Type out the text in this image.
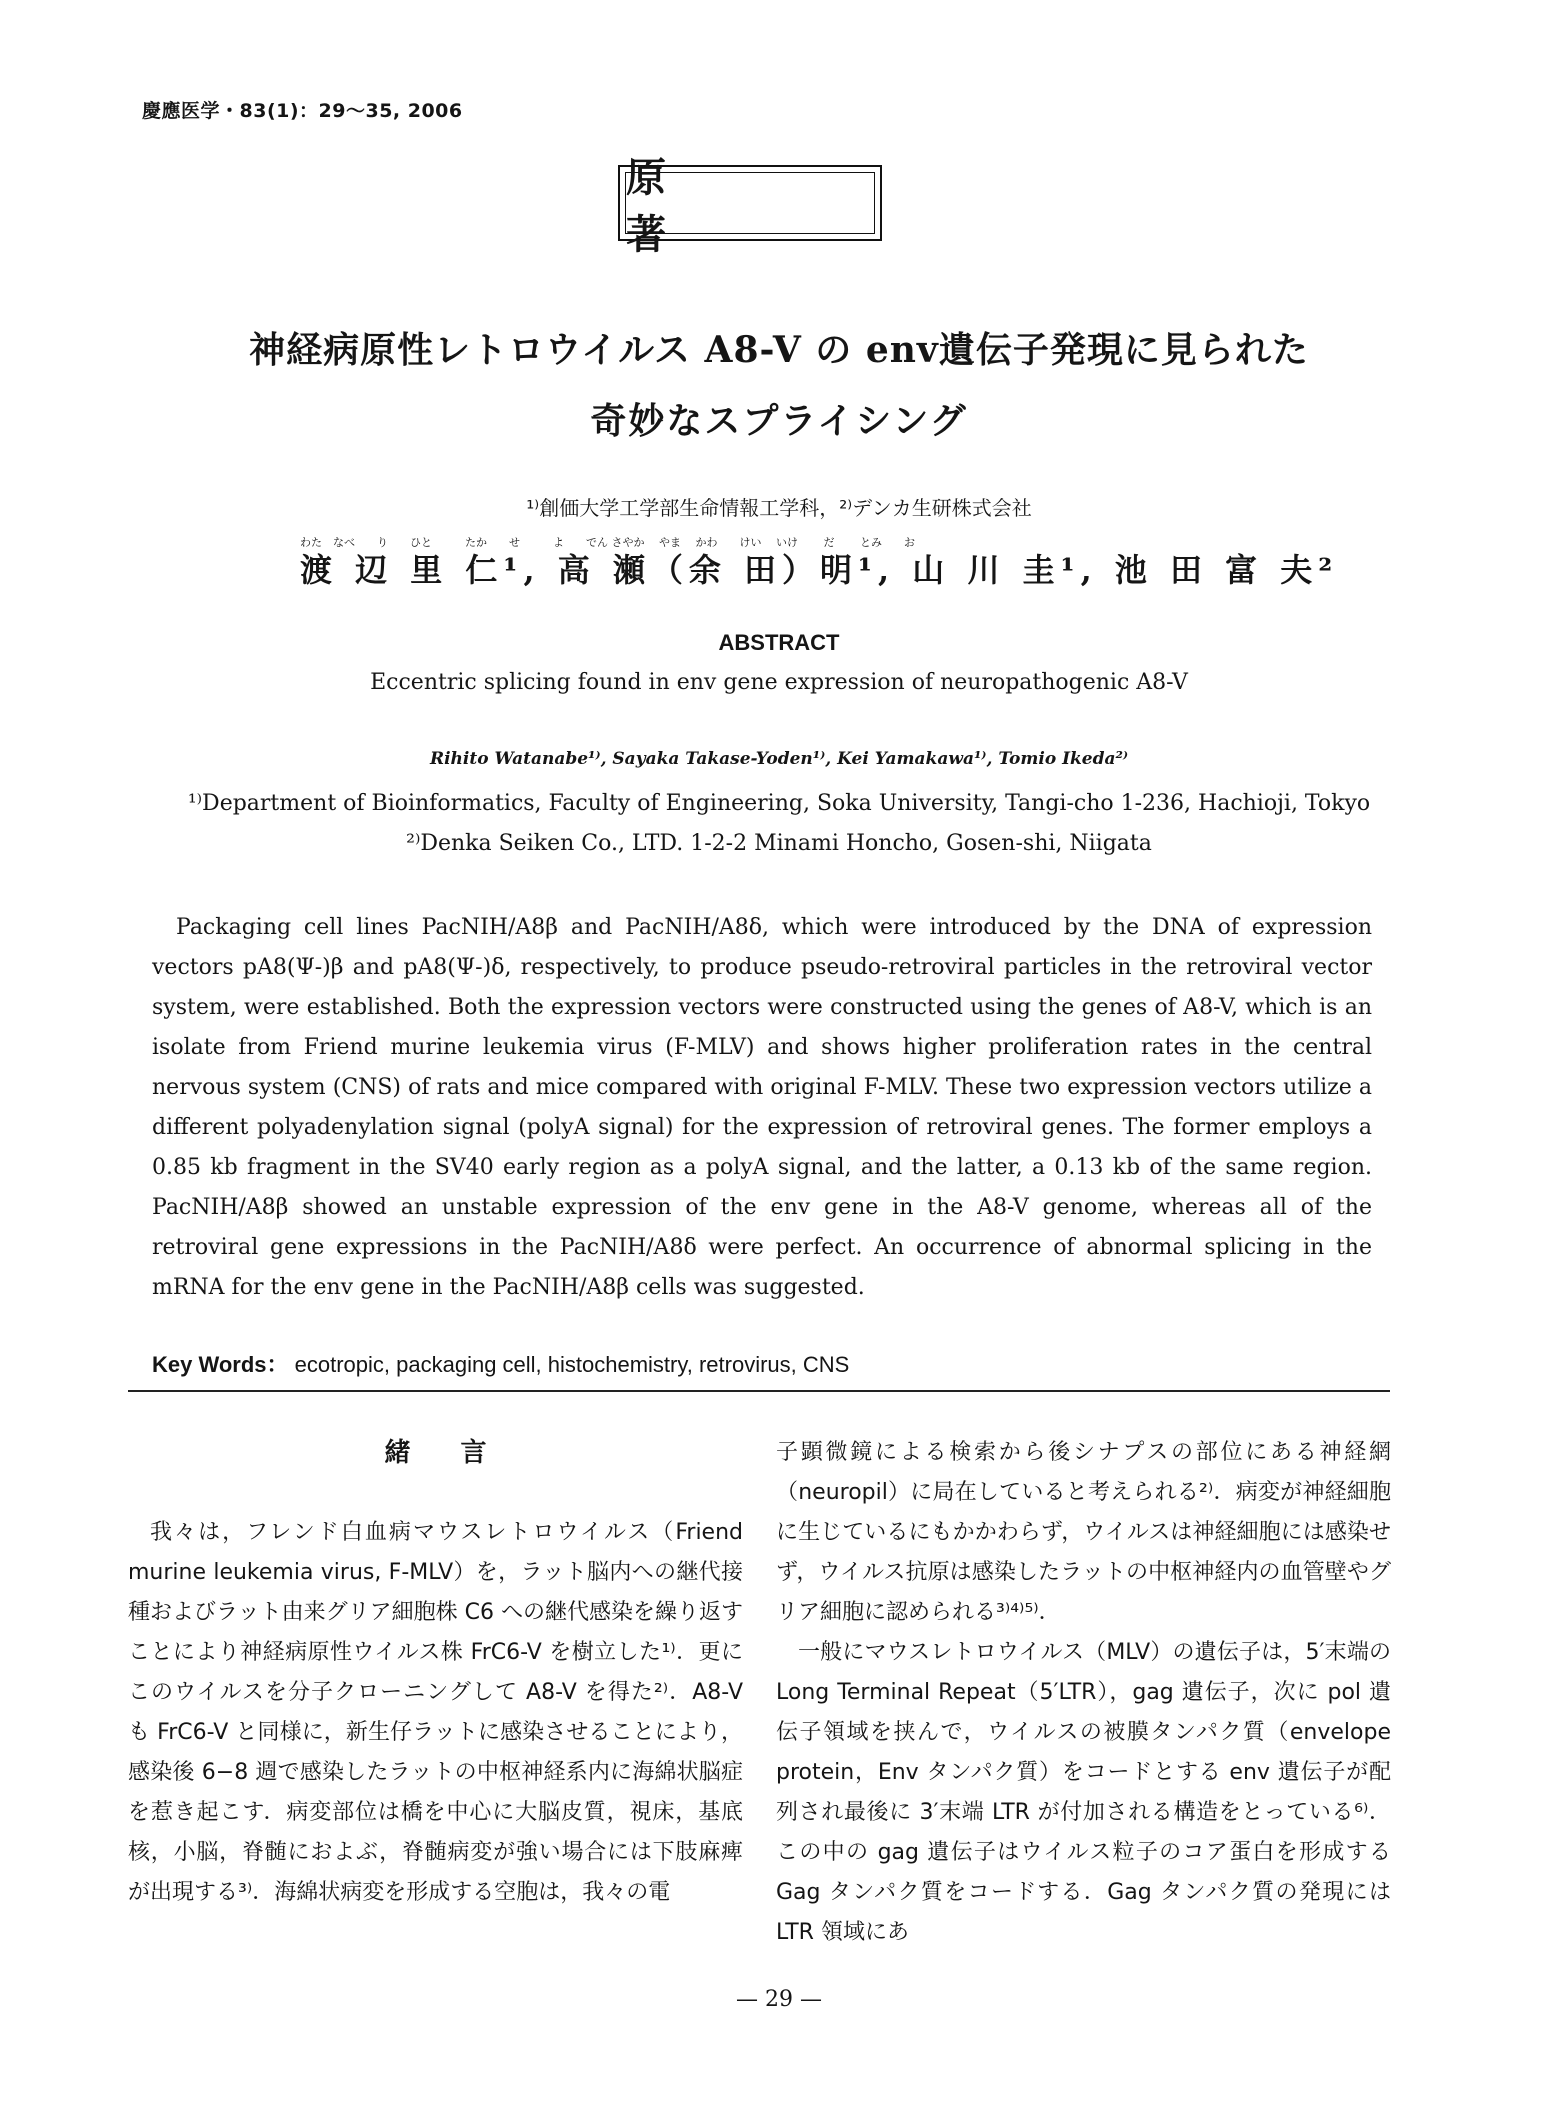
慶應医学・83(1)：29〜35, 2006
原　著
神経病原性レトロウイルス A8-V の env遺伝子発現に見られた
奇妙なスプライシング
¹⁾創価大学工学部生命情報工学科，²⁾デンカ生研株式会社
わた　なべ　　り　　ひと　　　たか　　せ　　　よ　　でん さやか　 やま　 かわ　　けい　 いけ　　 だ　　 とみ　　お
渡 辺 里 仁¹, 高 瀬（余 田）明¹, 山 川 圭¹, 池 田 富 夫²
ABSTRACT
Eccentric splicing found in env gene expression of neuropathogenic A8-V
Rihito Watanabe¹⁾, Sayaka Takase-Yoden¹⁾, Kei Yamakawa¹⁾, Tomio Ikeda²⁾
¹⁾Department of Bioinformatics, Faculty of Engineering, Soka University, Tangi-cho 1-236, Hachioji, Tokyo
²⁾Denka Seiken Co., LTD. 1-2-2 Minami Honcho, Gosen-shi, Niigata

Packaging cell lines PacNIH/A8β and PacNIH/A8δ, which were introduced by the DNA of expression vectors pA8(Ψ-)β and pA8(Ψ-)δ, respectively, to produce pseudo-retroviral particles in the retroviral vector system, were established. Both the expression vectors were constructed using the genes of A8-V, which is an isolate from Friend murine leukemia virus (F-MLV) and shows higher proliferation rates in the central nervous system (CNS) of rats and mice compared with original F-MLV. These two expression vectors utilize a different polyadenylation signal (polyA signal) for the expression of retroviral genes. The former employs a 0.85 kb fragment in the SV40 early region as a polyA signal, and the latter, a 0.13 kb of the same region. PacNIH/A8β showed an unstable expression of the env gene in the A8-V genome, whereas all of the retroviral gene expressions in the PacNIH/A8δ were perfect. An occurrence of abnormal splicing in the mRNA for the env gene in the PacNIH/A8β cells was suggested.

Key Words： ecotropic, packaging cell, histochemistry, retrovirus, CNS
緒言

我々は，フレンド白血病マウスレトロウイルス（Friend murine leukemia virus, F-MLV）を，ラット脳内への継代接種およびラット由来グリア細胞株 C6 への継代感染を繰り返すことにより神経病原性ウイルス株 FrC6-V を樹立した¹⁾．更にこのウイルスを分子クローニングして A8-V を得た²⁾．A8-V も FrC6-V と同様に，新生仔ラットに感染させることにより，感染後 6−8 週で感染したラットの中枢神経系内に海綿状脳症を惹き起こす．病変部位は橋を中心に大脳皮質，視床，基底核，小脳，脊髄におよぶ，脊髄病変が強い場合には下肢麻痺が出現する³⁾．海綿状病変を形成する空胞は，我々の電

子顕微鏡による検索から後シナプスの部位にある神経網（neuropil）に局在していると考えられる²⁾．病変が神経細胞に生じているにもかかわらず，ウイルスは神経細胞には感染せず，ウイルス抗原は感染したラットの中枢神経内の血管壁やグリア細胞に認められる³⁾⁴⁾⁵⁾．

一般にマウスレトロウイルス（MLV）の遺伝子は，5′末端の Long Terminal Repeat（5′LTR），gag 遺伝子，次に pol 遺伝子領域を挟んで，ウイルスの被膜タンパク質（envelope protein，Env タンパク質）をコードとする env 遺伝子が配列され最後に 3′末端 LTR が付加される構造をとっている⁶⁾．この中の gag 遺伝子はウイルス粒子のコア蛋白を形成する Gag タンパク質をコードする．Gag タンパク質の発現には LTR 領域にあ

— 29 —
